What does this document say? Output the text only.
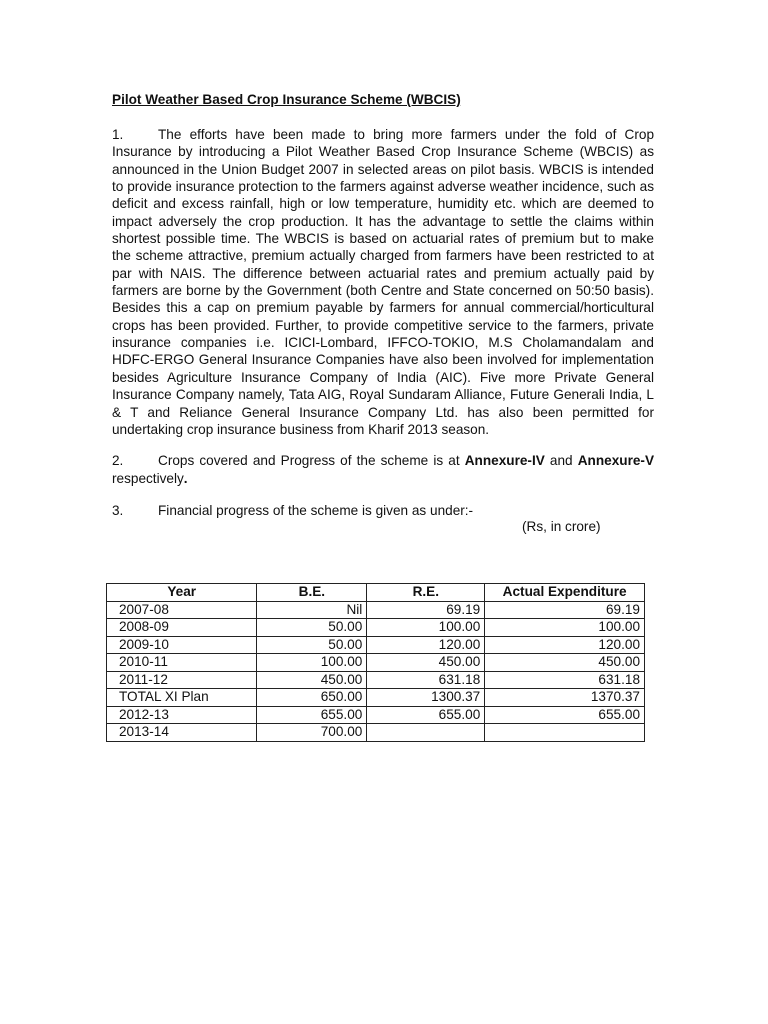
Pilot Weather Based Crop Insurance Scheme (WBCIS)

1.	The efforts have been made to bring more farmers under the fold of Crop Insurance by introducing a Pilot Weather Based Crop Insurance Scheme (WBCIS) as announced in the Union Budget 2007 in selected areas on pilot basis. WBCIS is intended to provide insurance protection to the farmers against adverse weather incidence, such as deficit and excess rainfall, high or low temperature, humidity etc. which are deemed to impact adversely the crop production. It has the advantage to settle the claims within shortest possible time. The WBCIS is based on actuarial rates of premium but to make the scheme attractive, premium actually charged from farmers have been restricted to at par with NAIS. The difference between actuarial rates and premium actually paid by farmers are borne by the Government (both Centre and State concerned on 50:50 basis). Besides this a cap on premium payable by farmers for annual commercial/horticultural crops has been provided. Further, to provide competitive service to the farmers, private insurance companies i.e. ICICI-Lombard, IFFCO-TOKIO, M.S Cholamandalam and HDFC-ERGO General Insurance Companies have also been involved for implementation besides Agriculture Insurance Company of India (AIC). Five more Private General Insurance Company namely, Tata AIG, Royal Sundaram Alliance, Future Generali India, L & T and Reliance General Insurance Company Ltd. has also been permitted for undertaking crop insurance business from Kharif 2013 season.

2.	Crops covered and Progress of the scheme is at Annexure-IV and Annexure-V respectively.

3.	Financial progress of the scheme is given as under:-

(Rs, in crore)
Year	B.E.	R.E.	Actual Expenditure
2007-08	Nil	69.19	69.19
2008-09	50.00	100.00	100.00
2009-10	50.00	120.00	120.00
2010-11	100.00	450.00	450.00
2011-12	450.00	631.18	631.18
TOTAL XI Plan	650.00	1300.37	1370.37
2012-13	655.00	655.00	655.00
2013-14	700.00		
